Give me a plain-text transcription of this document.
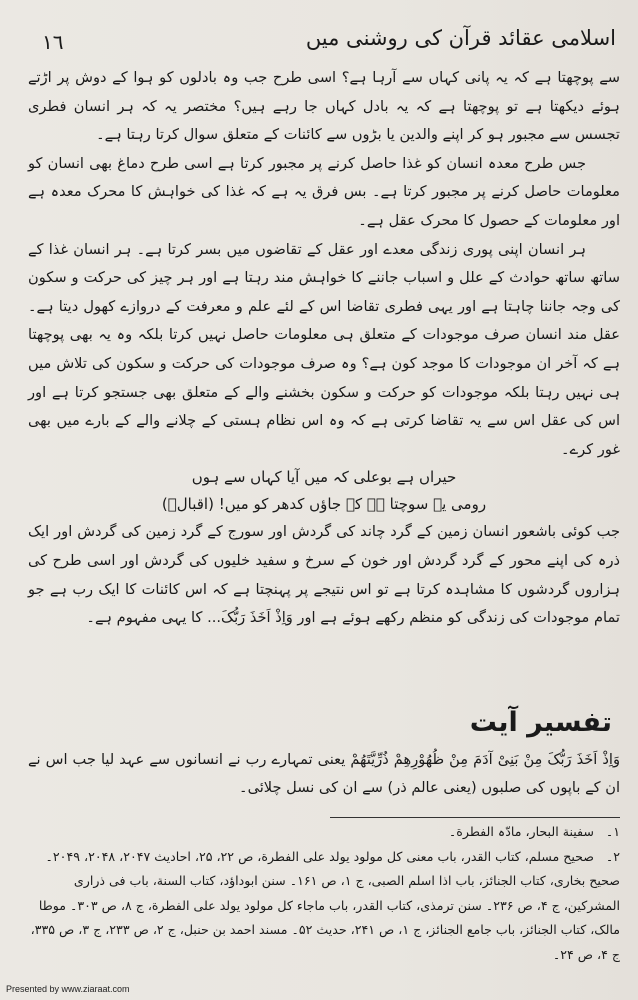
١٦	اسلامی عقائد قرآن کی روشنی میں

سے پوچھتا ہے کہ یہ پانی کہاں سے آرہا ہے؟ اسی طرح جب وہ بادلوں کو ہوا کے دوش پر اڑتے ہوئے دیکھتا ہے تو پوچھتا ہے کہ یہ بادل کہاں جا رہے ہیں؟ مختصر یہ کہ ہر انسان فطری تجسس سے مجبور ہو کر اپنے والدین یا بڑوں سے کائنات کے متعلق سوال کرتا رہتا ہے۔

جس طرح معدہ انسان کو غذا حاصل کرنے پر مجبور کرتا ہے اسی طرح دماغ بھی انسان کو معلومات حاصل کرنے پر مجبور کرتا ہے۔ بس فرق یہ ہے کہ غذا کی خواہش کا محرک معدہ ہے اور معلومات کے حصول کا محرک عقل ہے۔

ہر انسان اپنی پوری زندگی معدے اور عقل کے تقاضوں میں بسر کرتا ہے۔ ہر انسان غذا کے ساتھ ساتھ حوادث کے علل و اسباب جاننے کا خواہش مند رہتا ہے اور ہر چیز کی حرکت و سکون کی وجہ جاننا چاہتا ہے اور یہی فطری تقاضا اس کے لئے علم و معرفت کے دروازے کھول دیتا ہے۔ عقل مند انسان صرف موجودات کے متعلق ہی معلومات حاصل نہیں کرتا بلکہ وہ یہ بھی پوچھتا ہے کہ آخر ان موجودات کا موجد کون ہے؟ وہ صرف موجودات کی حرکت و سکون کی تلاش میں ہی نہیں رہتا بلکہ موجودات کو حرکت و سکون بخشنے والے کے متعلق بھی جستجو کرتا ہے اور اس کی عقل اس سے یہ تقاضا کرتی ہے کہ وہ اس نظام ہستی کے چلانے والے کے بارے میں بھی غور کرے۔

حیراں ہے بوعلی کہ میں آیا کہاں سے ہوں

رومی یہ سوچتا ہے کہ جاؤں کدھر کو میں! (اقبالؔ)

جب کوئی باشعور انسان زمین کے گرد چاند کی گردش اور سورج کے گرد زمین کی گردش اور ایک ذرہ کی اپنے محور کے گرد گردش اور خون کے سرخ و سفید خلیوں کی گردش اور اسی طرح کی ہزاروں گردشوں کا مشاہدہ کرتا ہے تو اس نتیجے پر پہنچتا ہے کہ اس کائنات کا ایک رب ہے جو تمام موجودات کی زندگی کو منظم رکھے ہوئے ہے اور وَاِذْ اَخَذَ رَبُّکَ... کا یہی مفہوم ہے۔

تفسیر آیت
وَاِذْ اَخَذَ رَبُّکَ مِنْ بَنِیْ آدَمَ مِنْ ظُهُوْرِهِمْ ذُرِّيَّتَهُمْ یعنی تمہارے رب نے انسانوں سے عہد لیا جب اس نے ان کے باپوں کی صلبوں (یعنی عالم ذر) سے ان کی نسل چلائی۔

۱۔ سفینة البحار، مادّہ الفطرة۔

۲۔ صحیح مسلم، کتاب القدر، باب معنی کل مولود یولد علی الفطرة، ص ۲۲، ۲۵، احادیث ۲۰۴۷، ۲۰۴۸، ۲۰۴۹۔ صحیح بخاری، کتاب الجنائز، باب اذا اسلم الصبی، ج ۱، ص ۱۶۱۔ سنن ابوداؤد، کتاب السنة، باب فی ذراری المشرکین، ج ۴، ص ۲۳۶۔ سنن ترمذی، کتاب القدر، باب ماجاء کل مولود یولد علی الفطرة، ج ۸، ص ۳۰۳۔ موطا مالک، کتاب الجنائز، باب جامع الجنائز، ج ۱، ص ۲۴۱، حدیث ۵۲۔ مسند احمد بن حنبل، ج ۲، ص ۲۳۳، ج ۳، ص ۳۳۵، ج ۴، ص ۲۴۔

Presented by www.ziaraat.com
